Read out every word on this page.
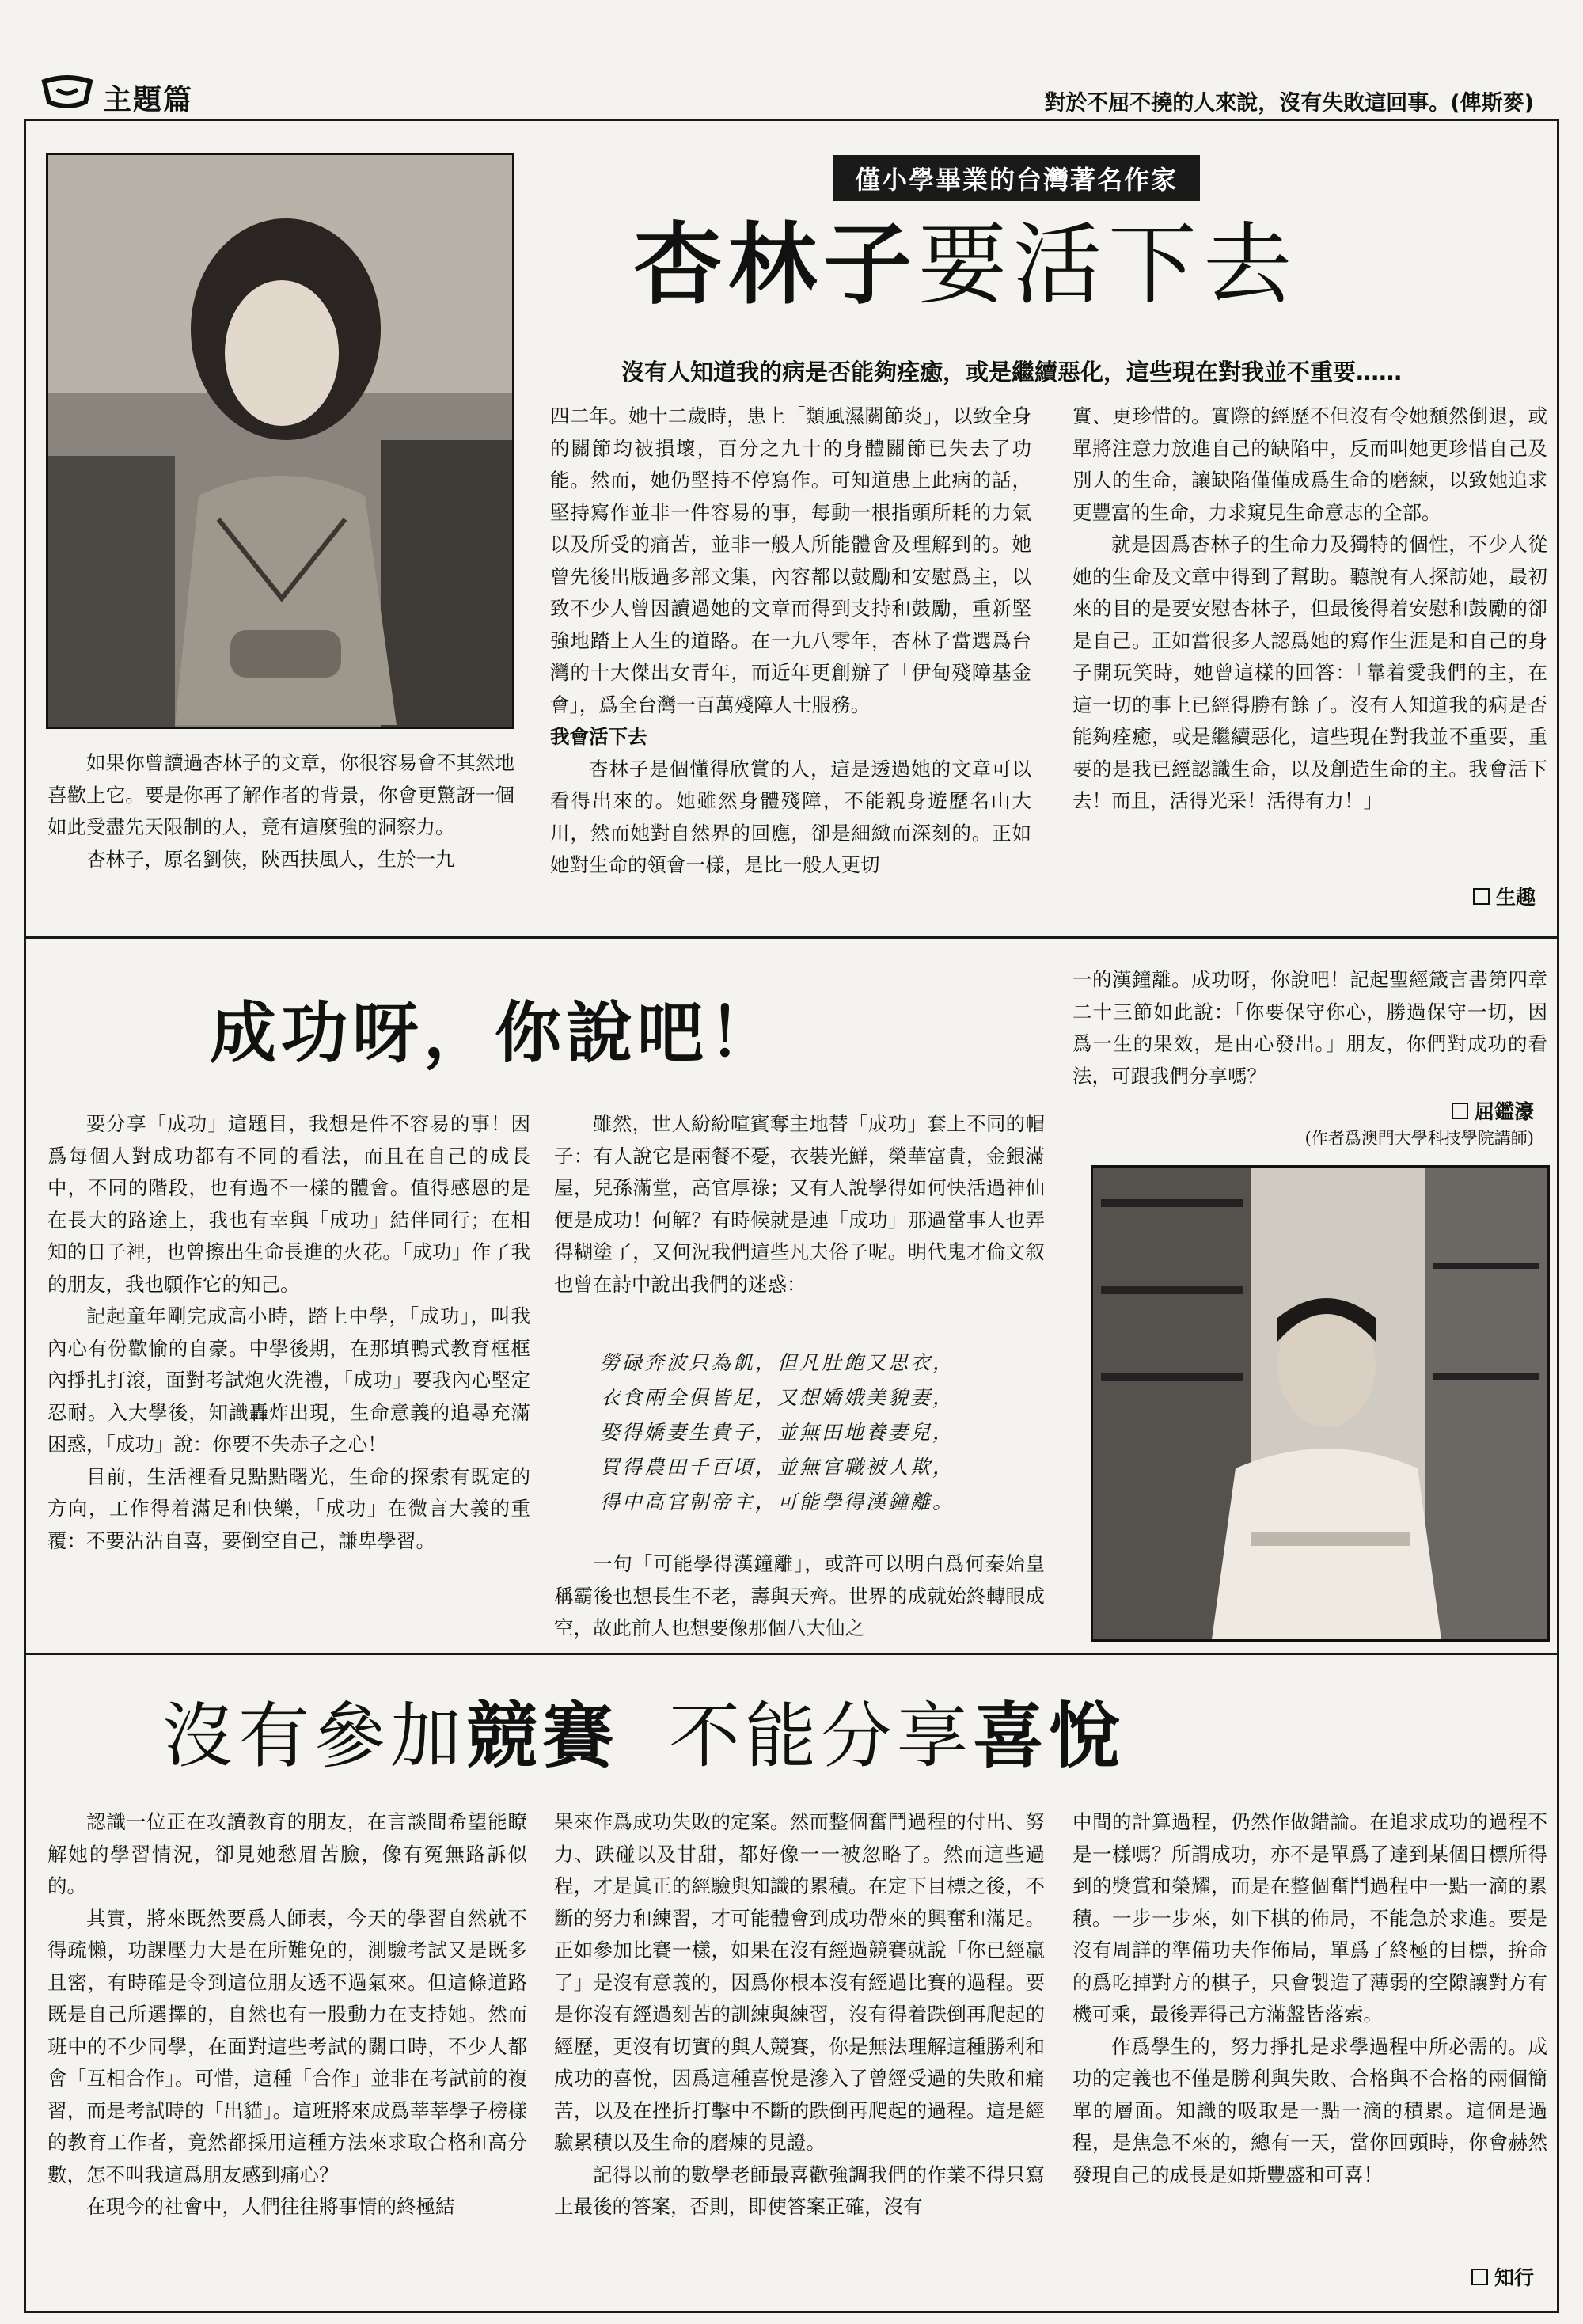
主題篇	對於不屈不撓的人來說，沒有失敗這回事。(俾斯麥)
僅小學畢業的台灣著名作家
杏林子要活下去
沒有人知道我的病是否能夠痊癒，或是繼續惡化，這些現在對我並不重要……

如果你曾讀過杏林子的文章，你很容易會不其然地喜歡上它。要是你再了解作者的背景，你會更驚訝一個如此受盡先天限制的人，竟有這麼強的洞察力。

杏林子，原名劉俠，陝西扶風人，生於一九

四二年。她十二歲時，患上「類風濕關節炎」，以致全身的關節均被損壞，百分之九十的身體關節已失去了功能。然而，她仍堅持不停寫作。可知道患上此病的話，堅持寫作並非一件容易的事，每動一根指頭所耗的力氣以及所受的痛苦，並非一般人所能體會及理解到的。她曾先後出版過多部文集，內容都以鼓勵和安慰爲主，以致不少人曾因讀過她的文章而得到支持和鼓勵，重新堅強地踏上人生的道路。在一九八零年，杏林子當選爲台灣的十大傑出女青年，而近年更創辦了「伊甸殘障基金會」，爲全台灣一百萬殘障人士服務。

我會活下去

杏林子是個懂得欣賞的人，這是透過她的文章可以看得出來的。她雖然身體殘障，不能親身遊歷名山大川，然而她對自然界的回應，卻是細緻而深刻的。正如她對生命的領會一樣，是比一般人更切

實、更珍惜的。實際的經歷不但沒有令她頹然倒退，或單將注意力放進自己的缺陷中，反而叫她更珍惜自己及別人的生命，讓缺陷僅僅成爲生命的磨練，以致她追求更豐富的生命，力求窺見生命意志的全部。

就是因爲杏林子的生命力及獨特的個性，不少人從她的生命及文章中得到了幫助。聽說有人探訪她，最初來的目的是要安慰杏林子，但最後得着安慰和鼓勵的卻是自己。正如當很多人認爲她的寫作生涯是和自己的身子開玩笑時，她曾這樣的回答：「靠着愛我們的主，在這一切的事上已經得勝有餘了。沒有人知道我的病是否能夠痊癒，或是繼續惡化，這些現在對我並不重要，重要的是我已經認識生命，以及創造生命的主。我會活下去！而且，活得光采！活得有力！」

生趣
成功呀，你說吧！

要分享「成功」這題目，我想是件不容易的事！因爲每個人對成功都有不同的看法，而且在自己的成長中，不同的階段，也有過不一樣的體會。值得感恩的是在長大的路途上，我也有幸與「成功」結伴同行；在相知的日子裡，也曾擦出生命長進的火花。「成功」作了我的朋友，我也願作它的知己。

記起童年剛完成高小時，踏上中學，「成功」，叫我內心有份歡愉的自豪。中學後期，在那填鴨式教育框框內掙扎打滾，面對考試炮火洗禮，「成功」要我內心堅定忍耐。入大學後，知識轟炸出現，生命意義的追尋充滿困惑，「成功」說：你要不失赤子之心！

目前，生活裡看見點點曙光，生命的探索有既定的方向，工作得着滿足和快樂，「成功」在微言大義的重覆：不要沾沾自喜，要倒空自己，謙卑學習。

雖然，世人紛紛喧賓奪主地替「成功」套上不同的帽子：有人說它是兩餐不憂，衣裝光鮮，榮華富貴，金銀滿屋，兒孫滿堂，高官厚祿；又有人說學得如何快活過神仙便是成功！何解？有時候就是連「成功」那過當事人也弄得糊塗了，又何況我們這些凡夫俗子呢。明代鬼才倫文叙也曾在詩中說出我們的迷惑：

勞碌奔波只為飢，但凡肚飽又思衣，
衣食兩全俱皆足，又想嬌娥美貌妻，
娶得嬌妻生貴子，並無田地養妻兒，
買得農田千百頃，並無官職被人欺，
得中高官朝帝主，可能學得漢鐘離。

一句「可能學得漢鐘離」，或許可以明白爲何秦始皇稱霸後也想長生不老，壽與天齊。世界的成就始終轉眼成空，故此前人也想要像那個八大仙之

一的漢鐘離。成功呀，你說吧！記起聖經箴言書第四章二十三節如此說：「你要保守你心，勝過保守一切，因爲一生的果效，是由心發出。」朋友，你們對成功的看法，可跟我們分享嗎？

屈鑑濠
(作者爲澳門大學科技學院講師)
沒有參加競賽 不能分享喜悅

認識一位正在攻讀教育的朋友，在言談間希望能瞭解她的學習情況，卻見她愁眉苦臉，像有冤無路訴似的。

其實，將來既然要爲人師表，今天的學習自然就不得疏懶，功課壓力大是在所難免的，測驗考試又是既多且密，有時確是令到這位朋友透不過氣來。但這條道路既是自己所選擇的，自然也有一股動力在支持她。然而班中的不少同學，在面對這些考試的關口時，不少人都會「互相合作」。可惜，這種「合作」並非在考試前的複習，而是考試時的「出貓」。這班將來成爲莘莘學子榜樣的教育工作者，竟然都採用這種方法來求取合格和高分數，怎不叫我這爲朋友感到痛心？

在現今的社會中，人們往往將事情的終極結

果來作爲成功失敗的定案。然而整個奮鬥過程的付出、努力、跌碰以及甘甜，都好像一一被忽略了。然而這些過程，才是眞正的經驗與知識的累積。在定下目標之後，不斷的努力和練習，才可能體會到成功帶來的興奮和滿足。正如參加比賽一樣，如果在沒有經過競賽就說「你已經贏了」是沒有意義的，因爲你根本沒有經過比賽的過程。要是你沒有經過刻苦的訓練與練習，沒有得着跌倒再爬起的經歷，更沒有切實的與人競賽，你是無法理解這種勝利和成功的喜悅，因爲這種喜悅是滲入了曾經受過的失敗和痛苦，以及在挫折打擊中不斷的跌倒再爬起的過程。這是經驗累積以及生命的磨煉的見證。

記得以前的數學老師最喜歡強調我們的作業不得只寫上最後的答案，否則，即使答案正確，沒有

中間的計算過程，仍然作做錯論。在追求成功的過程不是一樣嗎？所謂成功，亦不是單爲了達到某個目標所得到的獎賞和榮耀，而是在整個奮鬥過程中一點一滴的累積。一步一步來，如下棋的佈局，不能急於求進。要是沒有周詳的準備功夫作佈局，單爲了終極的目標，拚命的爲吃掉對方的棋子，只會製造了薄弱的空隙讓對方有機可乘，最後弄得己方滿盤皆落索。

作爲學生的，努力掙扎是求學過程中所必需的。成功的定義也不僅是勝利與失敗、合格與不合格的兩個簡單的層面。知識的吸取是一點一滴的積累。這個是過程，是焦急不來的，總有一天，當你回頭時，你會赫然發現自己的成長是如斯豐盛和可喜！

知行
